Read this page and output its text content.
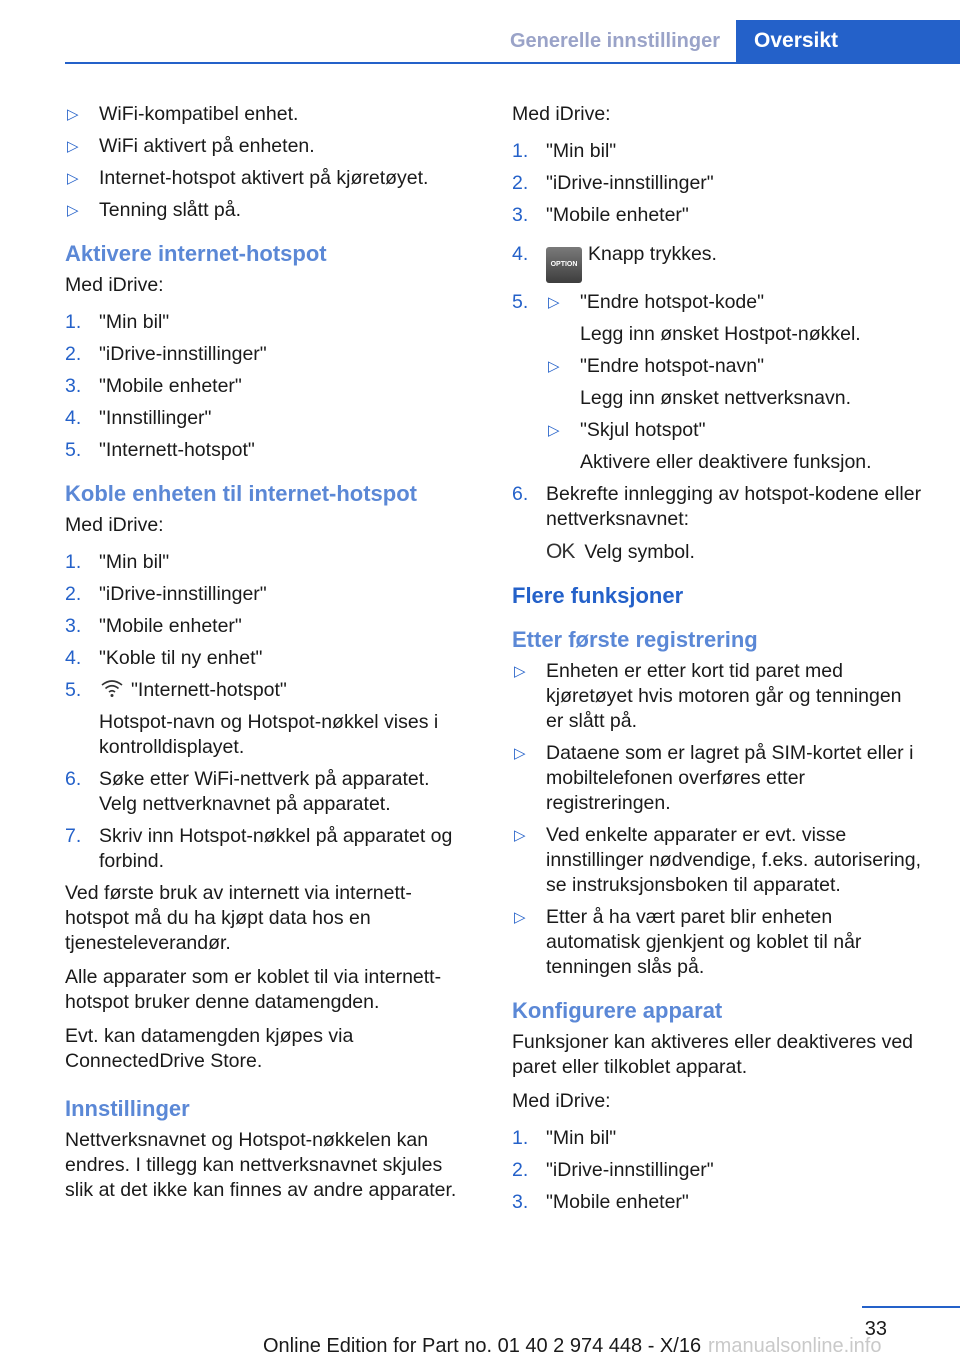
Generelle innstillinger	Oversikt
▷ WiFi-kompatibel enhet.
▷ WiFi aktivert på enheten.
▷ Internet-hotspot aktivert på kjøretøyet.
▷ Tenning slått på.
Aktivere internet-hotspot

Med iDrive:

1. "Min bil"
2. "iDrive-innstillinger"
3. "Mobile enheter"
4. "Innstillinger"
5. "Internett-hotspot"
Koble enheten til internet-hotspot

Med iDrive:

1. "Min bil"
2. "iDrive-innstillinger"
3. "Mobile enheter"
4. "Koble til ny enhet"
5.	"Internett-hotspot"
Hotspot-navn og Hotspot-nøkkel vises i kontrolldisplayet.
6. Søke etter WiFi-nettverk på apparatet.
Velg nettverknavnet på apparatet.
7. Skriv inn Hotspot-nøkkel på apparatet og forbind.

Ved første bruk av internett via internett-hotspot må du ha kjøpt data hos en tjenesteleverandør.

Alle apparater som er koblet til via internett-hotspot bruker denne datamengden.

Evt. kan datamengden kjøpes via ConnectedDrive Store.

Innstillinger

Nettverksnavnet og Hotspot-nøkkelen kan endres. I tillegg kan nettverksnavnet skjules slik at det ikke kan finnes av andre apparater.

Med iDrive:

1. "Min bil"
2. "iDrive-innstillinger"
3. "Mobile enheter"
4.	OPTION Knapp trykkes.
5. ▷ "Endre hotspot-kode"
Legg inn ønsket Hostpot-nøkkel.
▷ "Endre hotspot-navn"
Legg inn ønsket nettverksnavn.
▷ "Skjul hotspot"
Aktivere eller deaktivere funksjon.
6. Bekrefte innlegging av hotspot-kodene eller nettverksnavnet:
OK Velg symbol.
Flere funksjoner
Etter første registrering
▷ Enheten er etter kort tid paret med kjøretøyet hvis motoren går og tenningen er slått på.
▷ Dataene som er lagret på SIM-kortet eller i mobiltelefonen overføres etter registreringen.
▷ Ved enkelte apparater er evt. visse innstillinger nødvendige, f.eks. autorisering, se instruksjonsboken til apparatet.
▷ Etter å ha vært paret blir enheten automatisk gjenkjent og koblet til når tenningen slås på.
Konfigurere apparat

Funksjoner kan aktiveres eller deaktiveres ved paret eller tilkoblet apparat.

Med iDrive:

1. "Min bil"
2. "iDrive-innstillinger"
3. "Mobile enheter"
33
Online Edition for Part no. 01 40 2 974 448 - X/16 rmanualsonline.info
